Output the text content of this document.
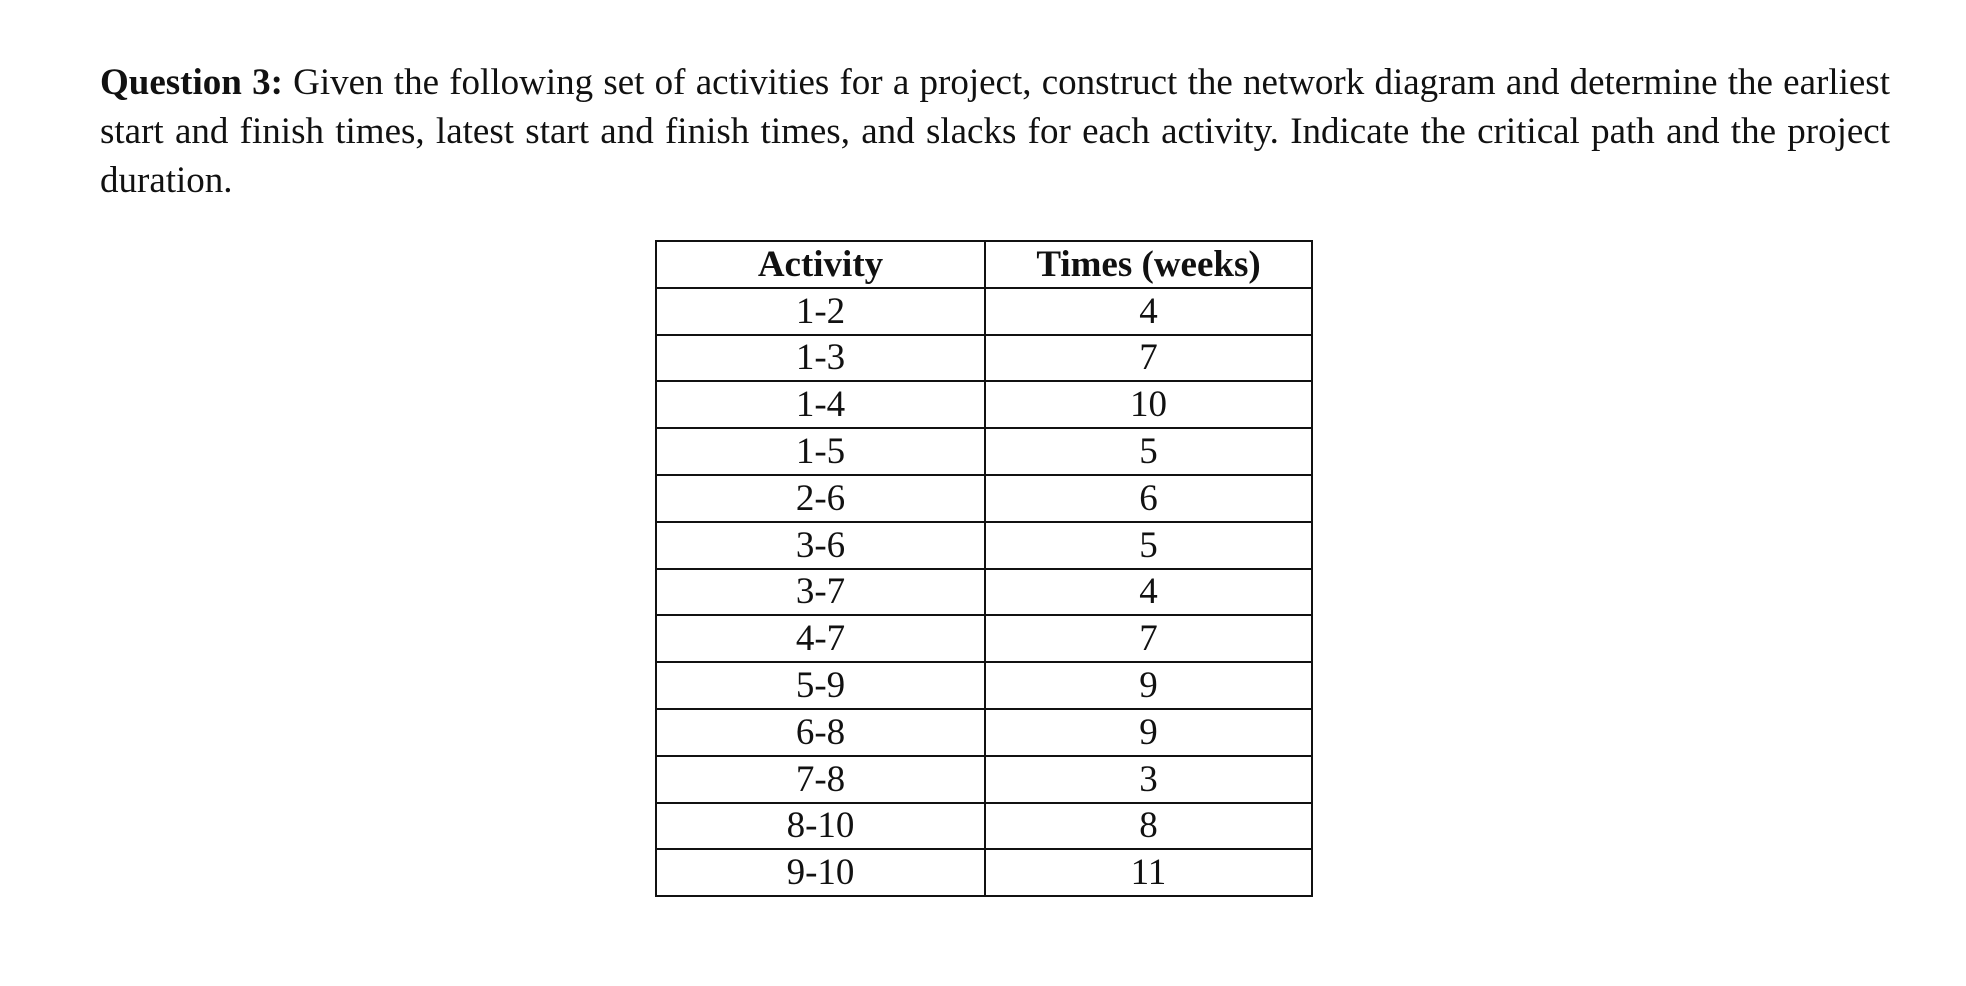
Question 3: Given the following set of activities for a project, construct the network diagram and determine the earliest start and finish times, latest start and finish times, and slacks for each activity. Indicate the critical path and the project duration.

Activity	Times (weeks)
1-2	4
1-3	7
1-4	10
1-5	5
2-6	6
3-6	5
3-7	4
4-7	7
5-9	9
6-8	9
7-8	3
8-10	8
9-10	11
